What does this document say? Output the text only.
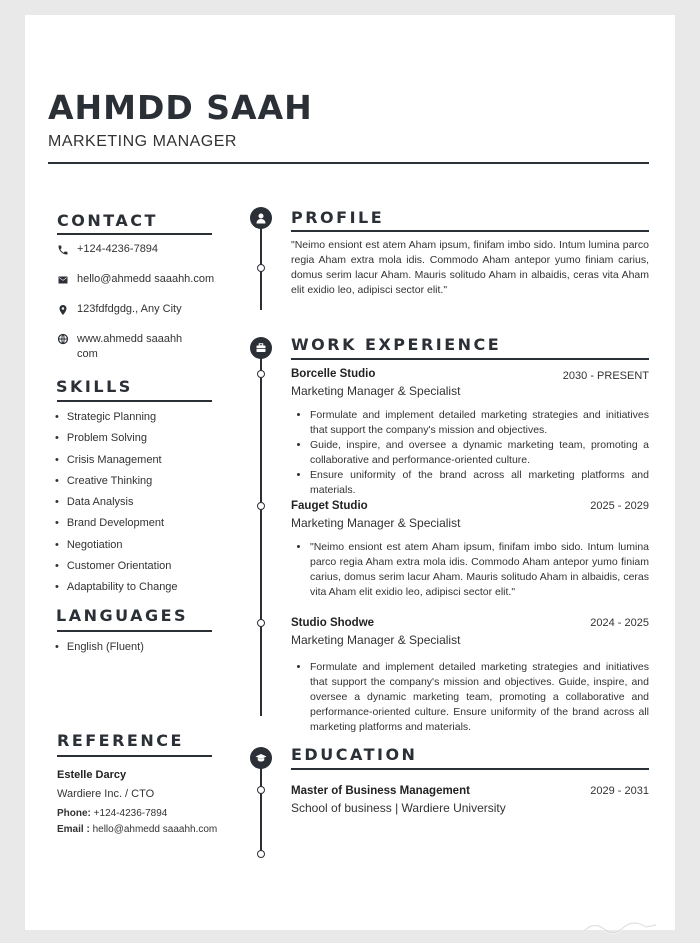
AHMDD SAAH
MARKETING MANAGER
CONTACT
+124-4236-7894
hello@ahmedd saaahh.com
123fdfdgdg., Any City
www.ahmedd saaahh
com
SKILLS
• Strategic Planning
• Problem Solving
• Crisis Management
• Creative Thinking
• Data Analysis
• Brand Development
• Negotiation
• Customer Orientation
• Adaptability to Change
LANGUAGES
• English (Fluent)
REFERENCE
Estelle Darcy
Wardiere Inc. / CTO
Phone: +124-4236-7894
Email : hello@ahmedd saaahh.com
PROFILE
"Neimo ensiont est atem Aham ipsum, finifam imbo sido. Intum lumina parco regia Aham extra mola idis. Commodo Aham antepor yumo finiam carius, domus serim lacur Aham. Mauris solitudo Aham in albaidis, ceras vita Aham elit exidio leo, adipisci sector elit."
WORK EXPERIENCE
Borcelle Studio	2030 - PRESENT
Marketing Manager & Specialist
• Formulate and implement detailed marketing strategies and initiatives that support the company's mission and objectives.
• Guide, inspire, and oversee a dynamic marketing team, promoting a collaborative and performance-oriented culture.
• Ensure uniformity of the brand across all marketing platforms and materials.
Fauget Studio	2025 - 2029
Marketing Manager & Specialist
• "Neimo ensiont est atem Aham ipsum, finifam imbo sido. Intum lumina parco regia Aham extra mola idis. Commodo Aham antepor yumo finiam carius, domus serim lacur Aham. Mauris solitudo Aham in albaidis, ceras vita Aham elit exidio leo, adipisci sector elit."
Studio Shodwe	2024 - 2025
Marketing Manager & Specialist
• Formulate and implement detailed marketing strategies and initiatives that support the company's mission and objectives. Guide, inspire, and oversee a dynamic marketing team, promoting a collaborative and performance-oriented culture. Ensure uniformity of the brand across all marketing platforms and materials.
EDUCATION
Master of Business Management	2029 - 2031
School of business | Wardiere University
